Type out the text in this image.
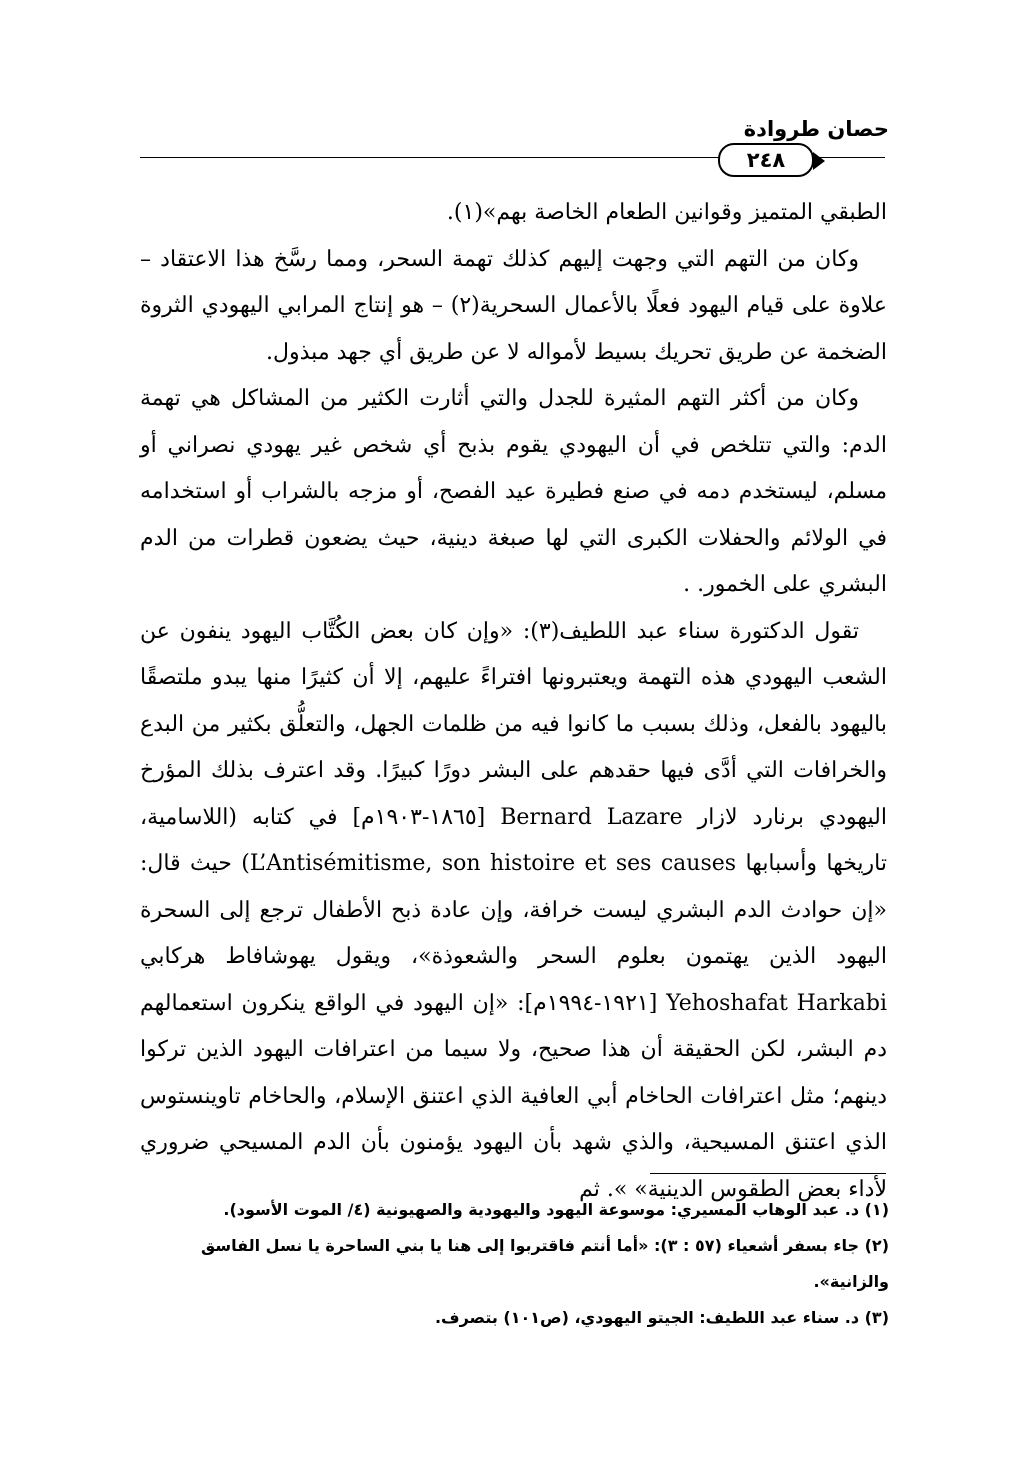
حصان طروادة
٢٤٨

الطبقي المتميز وقوانين الطعام الخاصة بهم»(١).

وكان من التهم التي وجهت إليهم كذلك تهمة السحر، ومما رسَّخ هذا الاعتقاد – علاوة على قيام اليهود فعلًا بالأعمال السحرية(٢) – هو إنتاج المرابي اليهودي الثروة الضخمة عن طريق تحريك بسيط لأمواله لا عن طريق أي جهد مبذول.

وكان من أكثر التهم المثيرة للجدل والتي أثارت الكثير من المشاكل هي تهمة الدم: والتي تتلخص في أن اليهودي يقوم بذبح أي شخص غير يهودي نصراني أو مسلم، ليستخدم دمه في صنع فطيرة عيد الفصح، أو مزجه بالشراب أو استخدامه في الولائم والحفلات الكبرى التي لها صبغة دينية، حيث يضعون قطرات من الدم البشري على الخمور. .

تقول الدكتورة سناء عبد اللطيف(٣): «وإن كان بعض الكُتَّاب اليهود ينفون عن الشعب اليهودي هذه التهمة ويعتبرونها افتراءً عليهم، إلا أن كثيرًا منها يبدو ملتصقًا باليهود بالفعل، وذلك بسبب ما كانوا فيه من ظلمات الجهل، والتعلُّق بكثير من البدع والخرافات التي أدَّى فيها حقدهم على البشر دورًا كبيرًا. وقد اعترف بذلك المؤرخ اليهودي برنارد لازار Bernard Lazare [١٨٦٥-١٩٠٣م] في كتابه (اللاسامية، تاريخها وأسبابها L’Antisémitisme, son histoire et ses causes) حيث قال: «إن حوادث الدم البشري ليست خرافة، وإن عادة ذبح الأطفال ترجع إلى السحرة اليهود الذين يهتمون بعلوم السحر والشعوذة»، ويقول يهوشافاط هركابي Yehoshafat Harkabi [١٩٢١-١٩٩٤م]: «إن اليهود في الواقع ينكرون استعمالهم دم البشر، لكن الحقيقة أن هذا صحيح، ولا سيما من اعترافات اليهود الذين تركوا دينهم؛ مثل اعترافات الحاخام أبي العافية الذي اعتنق الإسلام، والحاخام تاوينستوس الذي اعتنق المسيحية، والذي شهد بأن اليهود يؤمنون بأن الدم المسيحي ضروري لأداء بعض الطقوس الدينية» ». ثم

(١) د. عبد الوهاب المسيري: موسوعة اليهود واليهودية والصهيونية (٤/ الموت الأسود).

(٢) جاء بسفر أشعياء (٥٧ : ٣): «أما أنتم فاقتربوا إلى هنا يا بني الساحرة يا نسل الفاسق والزانية».

(٣) د. سناء عبد اللطيف: الجيتو اليهودي، (ص١٠١) بتصرف.
